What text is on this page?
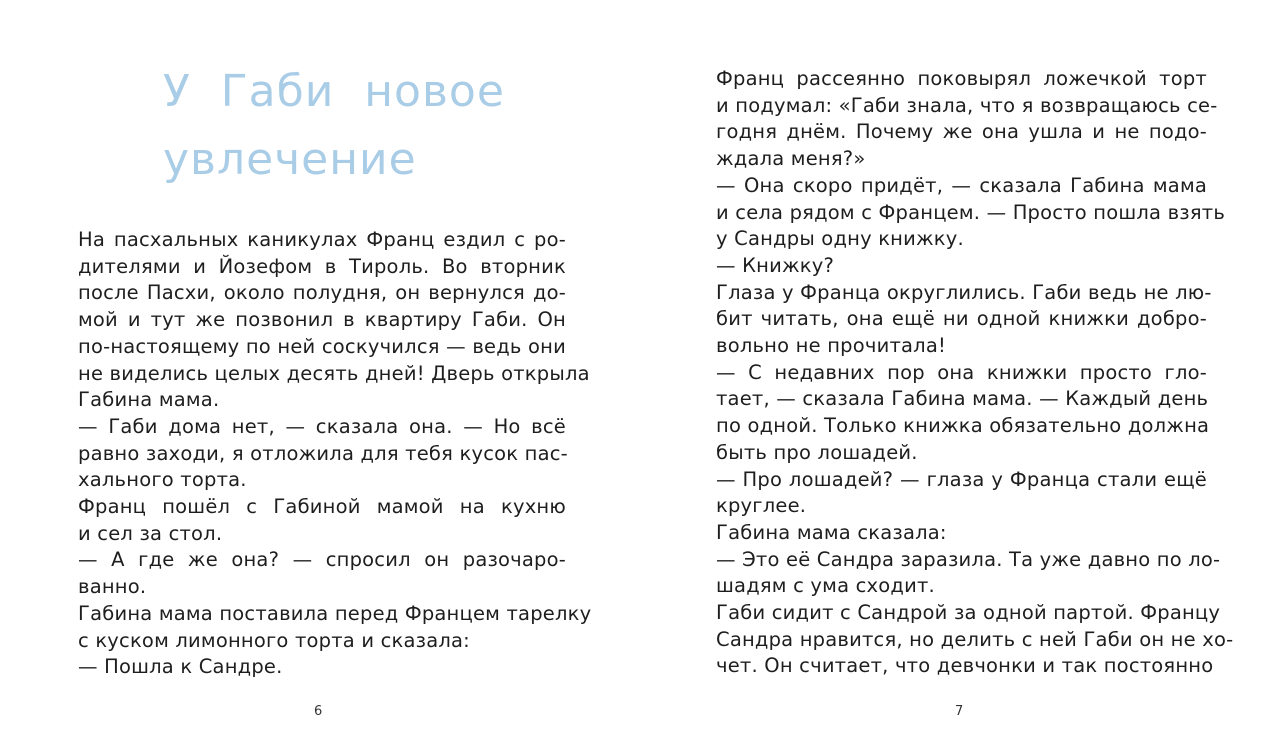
У  Габи  новое
увлечение
На пасхальных каникулах Франц ездил с ро-
дителями и Йозефом в Тироль. Во вторник
после Пасхи, около полудня, он вернулся до-
мой и тут же позвонил в квартиру Габи. Он
по-настоящему по ней соскучился — ведь они
не виделись целых десять дней! Дверь открыла
Габина мама.
— Габи дома нет, — сказала она. — Но всё
равно заходи, я отложила для тебя кусок пас-
хального торта.
Франц пошёл с Габиной мамой на кухню
и сел за стол.
— А где же она? — спросил он разочаро-
ванно.
Габина мама поставила перед Францем тарелку
с куском лимонного торта и сказала:
— Пошла к Сандре.
6
Франц рассеянно поковырял ложечкой торт
и подумал: «Габи знала, что я возвращаюсь се-
годня днём. Почему же она ушла и не подо-
ждала меня?»
— Она скоро придёт, — сказала Габина мама
и села рядом с Францем. — Просто пошла взять
у Сандры одну книжку.
— Книжку?
Глаза у Франца округлились. Габи ведь не лю-
бит читать, она ещё ни одной книжки добро-
вольно не прочитала!
— С недавних пор она книжки просто гло-
тает, — сказала Габина мама. — Каждый день
по одной. Только книжка обязательно должна
быть про лошадей.
— Про лошадей? — глаза у Франца стали ещё
круглее.
Габина мама сказала:
— Это её Сандра заразила. Та уже давно по ло-
шадям с ума сходит.
Габи сидит с Сандрой за одной партой. Францу
Сандра нравится, но делить с ней Габи он не хо-
чет. Он считает, что девчонки и так постоянно
7
